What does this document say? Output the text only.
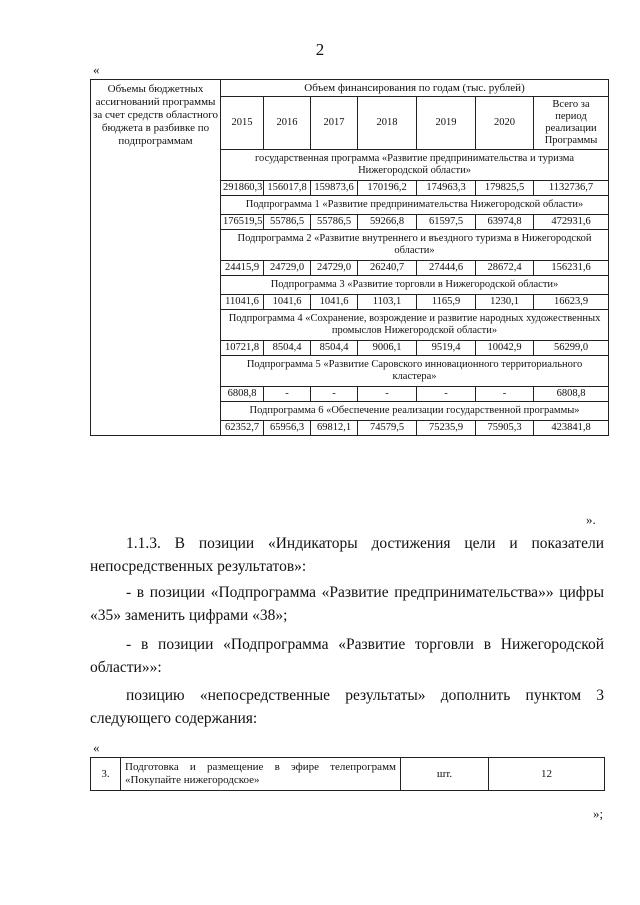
2
«
Объемы бюджетных ассигнований программы за счет средств областного бюджета в разбивке по подпрограммам	Объем финансирования по годам (тыс. рублей)						
	2015	2016	2017	2018	2019	2020	Всего за период реализации Программы
	государственная программа «Развитие предпринимательства и туризма Нижегородской области»						
	291860,3	156017,8	159873,6	170196,2	174963,3	179825,5	1132736,7
	Подпрограмма 1 «Развитие предпринимательства Нижегородской области»						
	176519,5	55786,5	55786,5	59266,8	61597,5	63974,8	472931,6
	Подпрограмма 2 «Развитие внутреннего и въездного туризма в Нижегородской области»						
	24415,9	24729,0	24729,0	26240,7	27444,6	28672,4	156231,6
	Подпрограмма 3 «Развитие торговли в Нижегородской области»						
	11041,6	1041,6	1041,6	1103,1	1165,9	1230,1	16623,9
	Подпрограмма 4 «Сохранение, возрождение и развитие народных художественных промыслов Нижегородской области»						
	10721,8	8504,4	8504,4	9006,1	9519,4	10042,9	56299,0
	Подпрограмма 5 «Развитие Саровского инновационного территориального кластера»						
	6808,8	-	-	-	-	-	6808,8
	Подпрограмма 6 «Обеспечение реализации государственной программы»						
	62352,7	65956,3	69812,1	74579,5	75235,9	75905,3	423841,8
».
1.1.3. В позиции «Индикаторы достижения цели и показатели непосредственных результатов»:
- в позиции «Подпрограмма «Развитие предпринимательства»» цифры «35» заменить цифрами «38»;
- в позиции «Подпрограмма «Развитие торговли в Нижегородской области»»:
позицию «непосредственные результаты» дополнить пунктом 3 следующего содержания:
«
3.	Подготовка и размещение в эфире телепрограмм «Покупайте нижегородское»	шт.	12
»;
